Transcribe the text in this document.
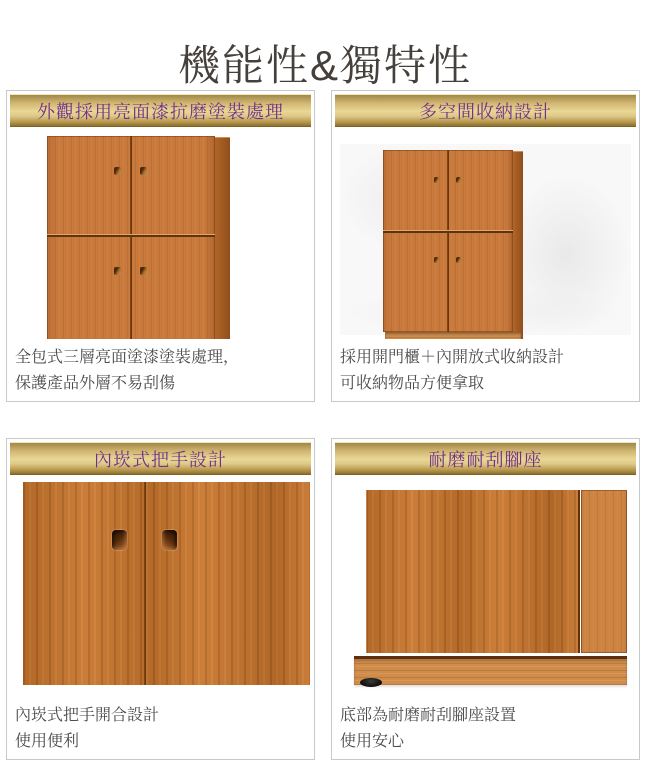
機能性&獨特性
外觀採用亮面漆抗磨塗裝處理
全包式三層亮面塗漆塗裝處理，
保護產品外層不易刮傷
多空間收納設計
採用開門櫃＋內開放式收納設計
可收納物品方便拿取
內崁式把手設計
內崁式把手開合設計
使用便利
耐磨耐刮腳座
底部為耐磨耐刮腳座設置
使用安心
